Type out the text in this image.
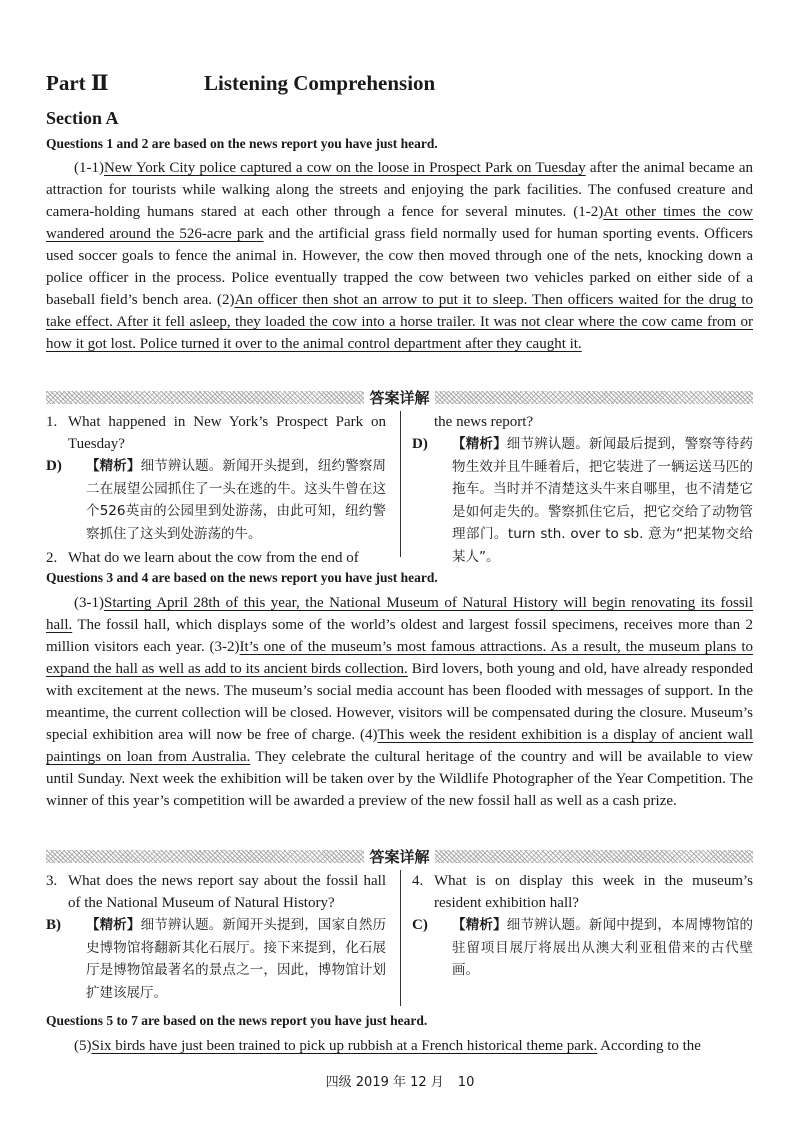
Part Ⅱ	Listening Comprehension
Section A
Questions 1 and 2 are based on the news report you have just heard.

(1-1)New York City police captured a cow on the loose in Prospect Park on Tuesday after the animal became an attraction for tourists while walking along the streets and enjoying the park facilities. The confused creature and camera-holding humans stared at each other through a fence for several minutes. (1-2)At other times the cow wandered around the 526-acre park and the artificial grass field normally used for human sporting events. Officers used soccer goals to fence the animal in. However, the cow then moved through one of the nets, knocking down a police officer in the process. Police eventually trapped the cow between two vehicles parked on either side of a baseball field’s bench area. (2)An officer then shot an arrow to put it to sleep. Then officers waited for the drug to take effect. After it fell asleep, they loaded the cow into a horse trailer. It was not clear where the cow came from or how it got lost. Police turned it over to the animal control department after they caught it.

答案详解

1. What happened in New York’s Prospect Park on Tuesday?

D) 【精析】细节辨认题。新闻开头提到，纽约警察周二在展望公园抓住了一头在逃的牛。这头牛曾在这个526英亩的公园里到处游荡，由此可知，纽约警察抓住了这头到处游荡的牛。

2. What do we learn about the cow from the end of

the news report?

D) 【精析】细节辨认题。新闻最后提到，警察等待药物生效并且牛睡着后，把它装进了一辆运送马匹的拖车。当时并不清楚这头牛来自哪里，也不清楚它是如何走失的。警察抓住它后，把它交给了动物管理部门。turn sth. over to sb. 意为“把某物交给某人”。

Questions 3 and 4 are based on the news report you have just heard.

(3-1)Starting April 28th of this year, the National Museum of Natural History will begin renovating its fossil hall. The fossil hall, which displays some of the world’s oldest and largest fossil specimens, receives more than 2 million visitors each year. (3-2)It’s one of the museum’s most famous attractions. As a result, the museum plans to expand the hall as well as add to its ancient birds collection. Bird lovers, both young and old, have already responded with excitement at the news. The museum’s social media account has been flooded with messages of support. In the meantime, the current collection will be closed. However, visitors will be compensated during the closure. Museum’s special exhibition area will now be free of charge. (4)This week the resident exhibition is a display of ancient wall paintings on loan from Australia. They celebrate the cultural heritage of the country and will be available to view until Sunday. Next week the exhibition will be taken over by the Wildlife Photographer of the Year Competition. The winner of this year’s competition will be awarded a preview of the new fossil hall as well as a cash prize.

答案详解

3. What does the news report say about the fossil hall of the National Museum of Natural History?

B) 【精析】细节辨认题。新闻开头提到，国家自然历史博物馆将翻新其化石展厅。接下来提到，化石展厅是博物馆最著名的景点之一，因此，博物馆计划扩建该展厅。

4. What is on display this week in the museum’s resident exhibition hall?

C) 【精析】细节辨认题。新闻中提到，本周博物馆的驻留项目展厅将展出从澳大利亚租借来的古代壁画。

Questions 5 to 7 are based on the news report you have just heard.

(5)Six birds have just been trained to pick up rubbish at a French historical theme park. According to the

四级 2019 年 12 月 10
